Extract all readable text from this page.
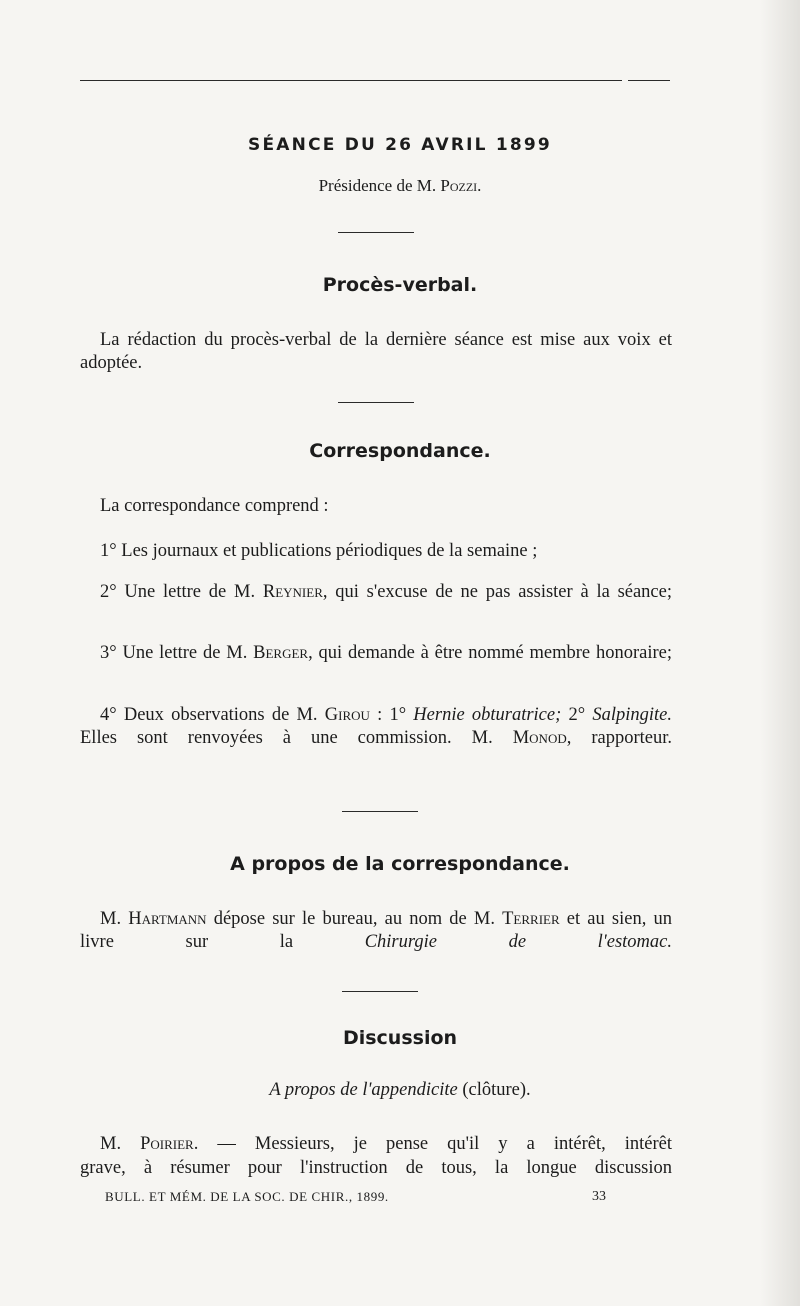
SÉANCE DU 26 AVRIL 1899
Présidence de M. Pozzi.
Procès-verbal.
La rédaction du procès-verbal de la dernière séance est mise aux voix et adoptée.
Correspondance.
La correspondance comprend :
1° Les journaux et publications périodiques de la semaine ;
2° Une lettre de M. Reynier, qui s'excuse de ne pas assister à la séance;
3° Une lettre de M. Berger, qui demande à être nommé membre honoraire;
4° Deux observations de M. Girou : 1° Hernie obturatrice; 2° Salpingite. Elles sont renvoyées à une commission. M. Monod, rapporteur.
A propos de la correspondance.
M. Hartmann dépose sur le bureau, au nom de M. Terrier et au sien, un livre sur la Chirurgie de l'estomac.
Discussion
A propos de l'appendicite (clôture).
M. Poirier. — Messieurs, je pense qu'il y a intérêt, intérêt
grave, à résumer pour l'instruction de tous, la longue discussion
BULL. ET MÉM. DE LA SOC. DE CHIR., 1899.	33
